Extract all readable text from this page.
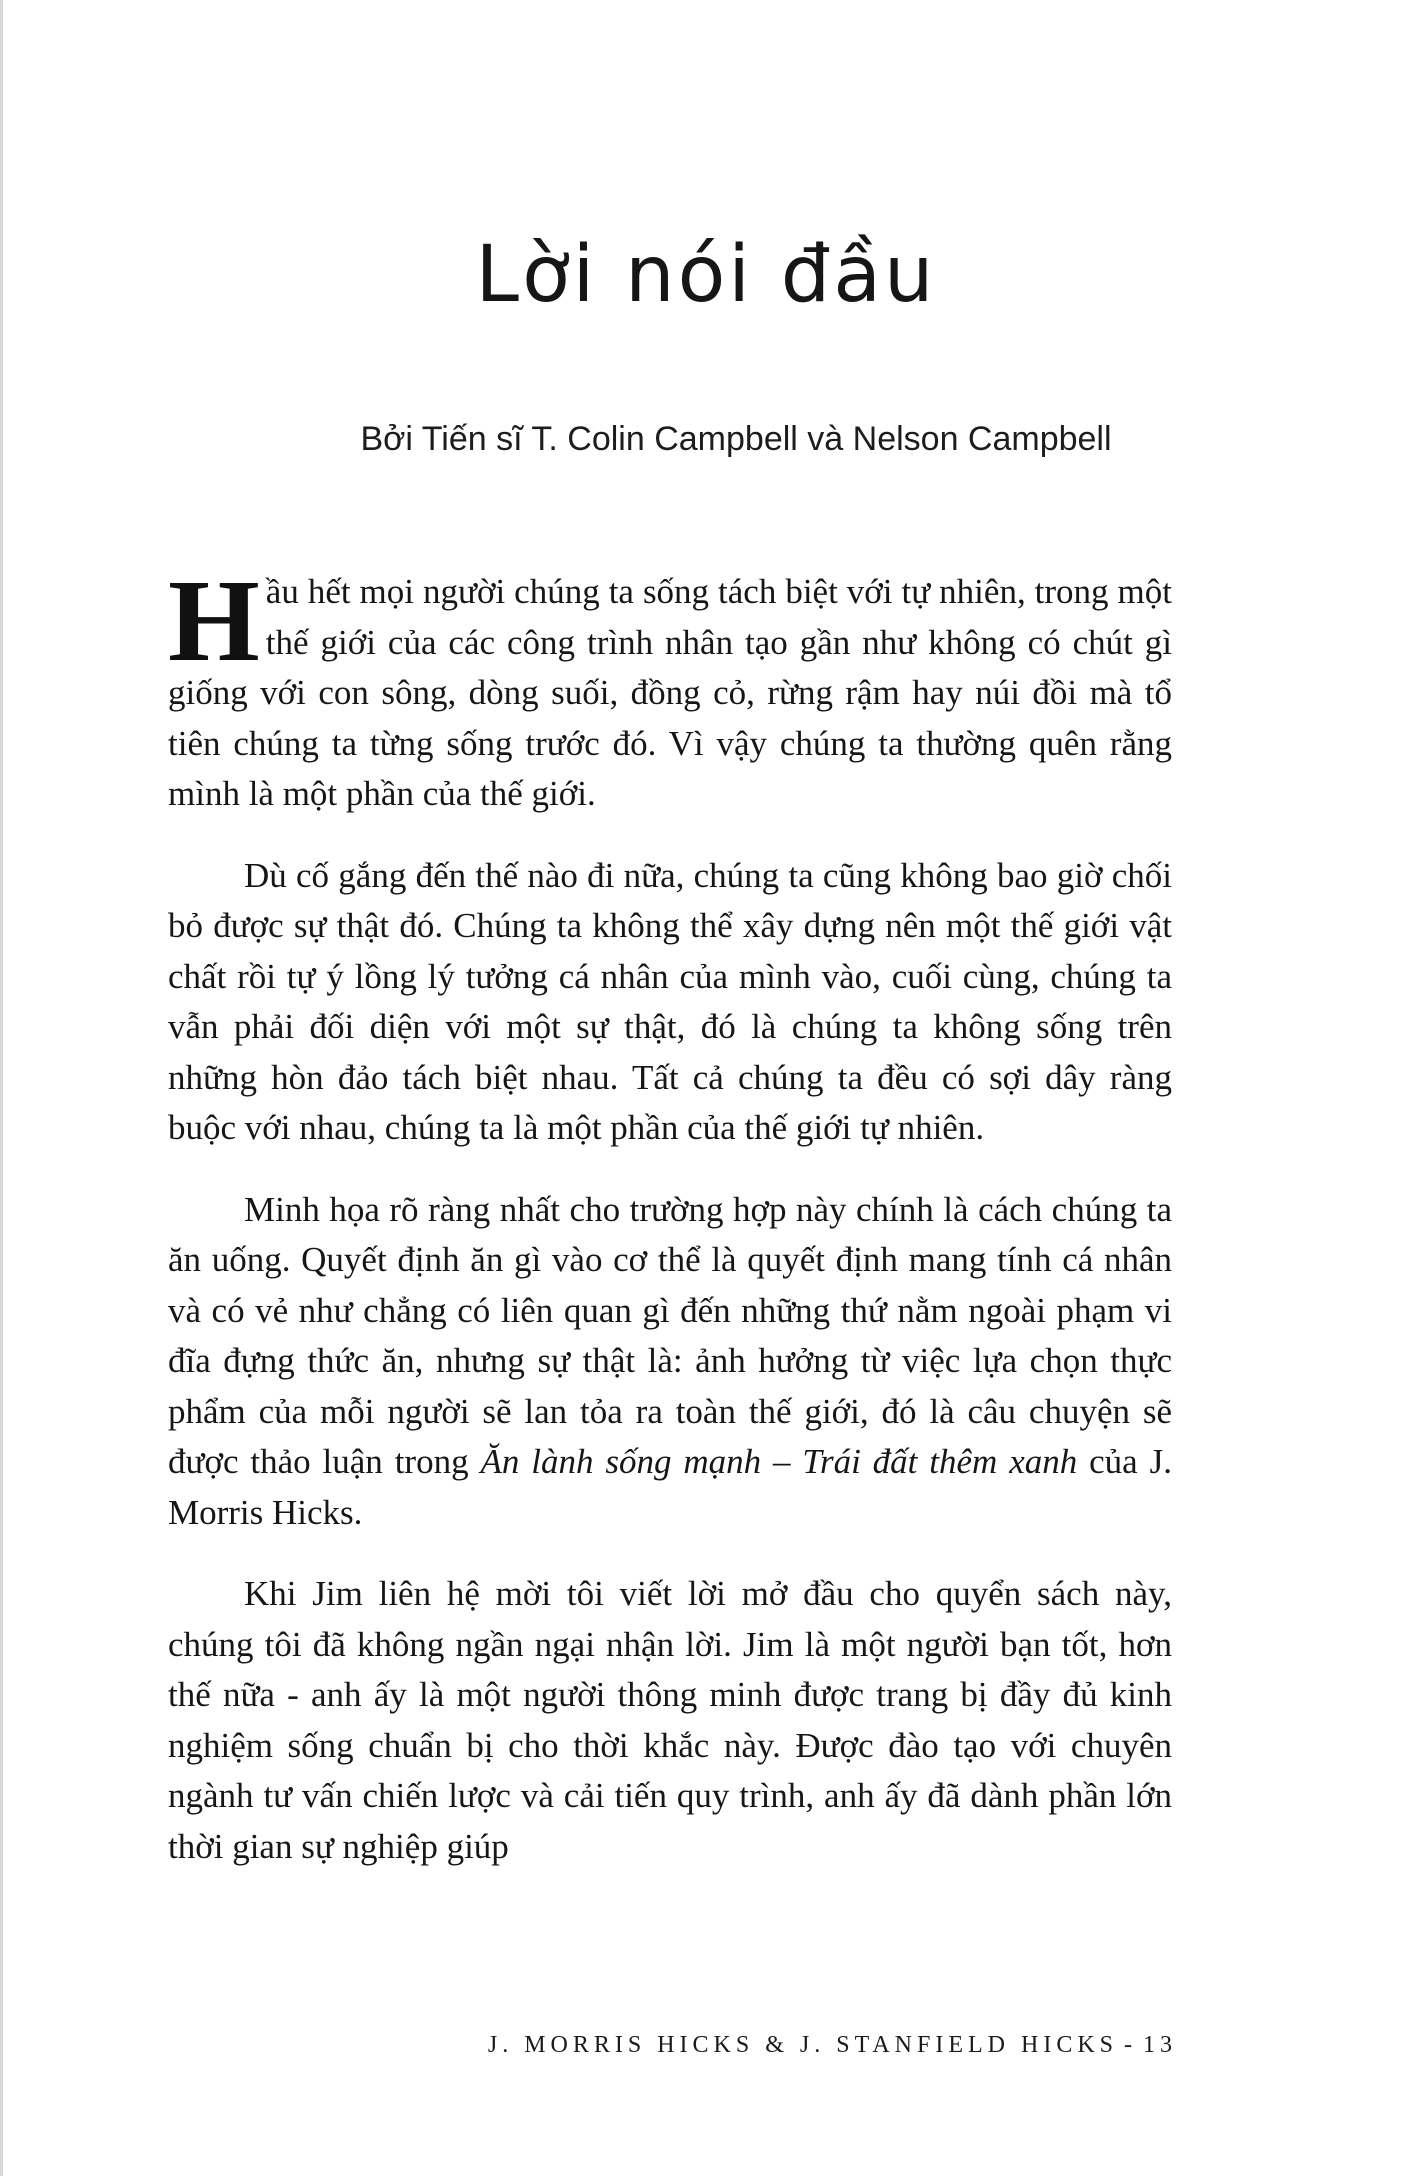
Lời nói đầu
Bởi Tiến sĩ T. Colin Campbell và Nelson Campbell

Hầu hết mọi người chúng ta sống tách biệt với tự nhiên, trong một thế giới của các công trình nhân tạo gần như không có chút gì giống với con sông, dòng suối, đồng cỏ, rừng rậm hay núi đồi mà tổ tiên chúng ta từng sống trước đó. Vì vậy chúng ta thường quên rằng mình là một phần của thế giới.

Dù cố gắng đến thế nào đi nữa, chúng ta cũng không bao giờ chối bỏ được sự thật đó. Chúng ta không thể xây dựng nên một thế giới vật chất rồi tự ý lồng lý tưởng cá nhân của mình vào, cuối cùng, chúng ta vẫn phải đối diện với một sự thật, đó là chúng ta không sống trên những hòn đảo tách biệt nhau. Tất cả chúng ta đều có sợi dây ràng buộc với nhau, chúng ta là một phần của thế giới tự nhiên.

Minh họa rõ ràng nhất cho trường hợp này chính là cách chúng ta ăn uống. Quyết định ăn gì vào cơ thể là quyết định mang tính cá nhân và có vẻ như chẳng có liên quan gì đến những thứ nằm ngoài phạm vi đĩa đựng thức ăn, nhưng sự thật là: ảnh hưởng từ việc lựa chọn thực phẩm của mỗi người sẽ lan tỏa ra toàn thế giới, đó là câu chuyện sẽ được thảo luận trong Ăn lành sống mạnh – Trái đất thêm xanh của J. Morris Hicks.

Khi Jim liên hệ mời tôi viết lời mở đầu cho quyển sách này, chúng tôi đã không ngần ngại nhận lời. Jim là một người bạn tốt, hơn thế nữa - anh ấy là một người thông minh được trang bị đầy đủ kinh nghiệm sống chuẩn bị cho thời khắc này. Được đào tạo với chuyên ngành tư vấn chiến lược và cải tiến quy trình, anh ấy đã dành phần lớn thời gian sự nghiệp giúp

J. MORRIS HICKS & J. STANFIELD HICKS - 13
